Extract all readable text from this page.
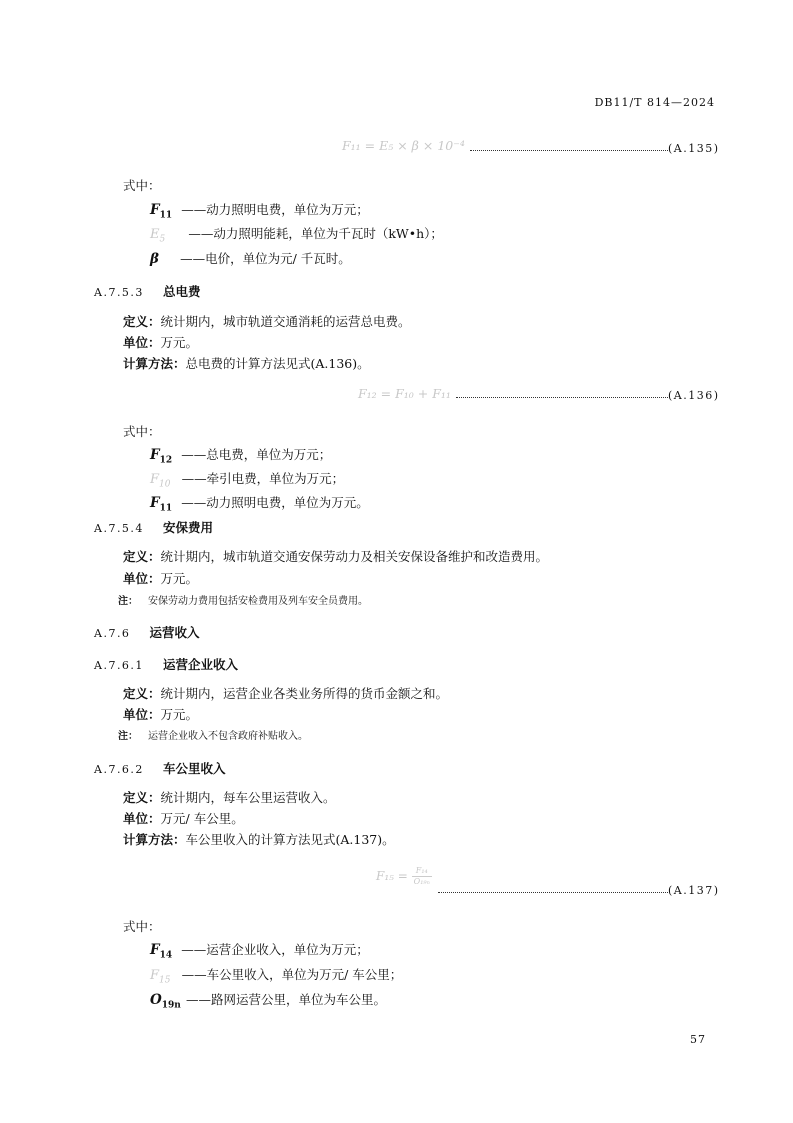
DB11/T 814—2024
F₁₁ = E₅ × β × 10⁻⁴	(A.135)
式中：
$F_{11}$ ——动力照明电费，单位为万元；
$E_5$ ——动力照明能耗，单位为千瓦时（kW•h）；
β ——电价，单位为元/ 千瓦时。
A.7.5.3 总电费
定义：统计期内，城市轨道交通消耗的运营总电费。
单位：万元。
计算方法：总电费的计算方法见式(A.136)。
F₁₂ = F₁₀ + F₁₁	(A.136)
式中：
$F_{12}$ ——总电费，单位为万元；
$F_{10}$ ——牵引电费，单位为万元；
$F_{11}$ ——动力照明电费，单位为万元。
A.7.5.4 安保费用
定义：统计期内，城市轨道交通安保劳动力及相关安保设备维护和改造费用。
单位：万元。
注： 安保劳动力费用包括安检费用及列车安全员费用。
A.7.6 运营收入
A.7.6.1 运营企业收入
定义：统计期内，运营企业各类业务所得的货币金额之和。
单位：万元。
注： 运营企业收入不包含政府补贴收入。
A.7.6.2 车公里收入
定义：统计期内，每车公里运营收入。
单位：万元/ 车公里。
计算方法：车公里收入的计算方法见式(A.137)。
$F_{15} = \frac{\text{F₁₄}}{\text{O₁₉ₙ}}$
(A.137)
式中：
$F_{14}$ ——运营企业收入，单位为万元；
$F_{15}$ ——车公里收入，单位为万元/ 车公里；
$O_{19n}$ ——路网运营公里，单位为车公里。
57
